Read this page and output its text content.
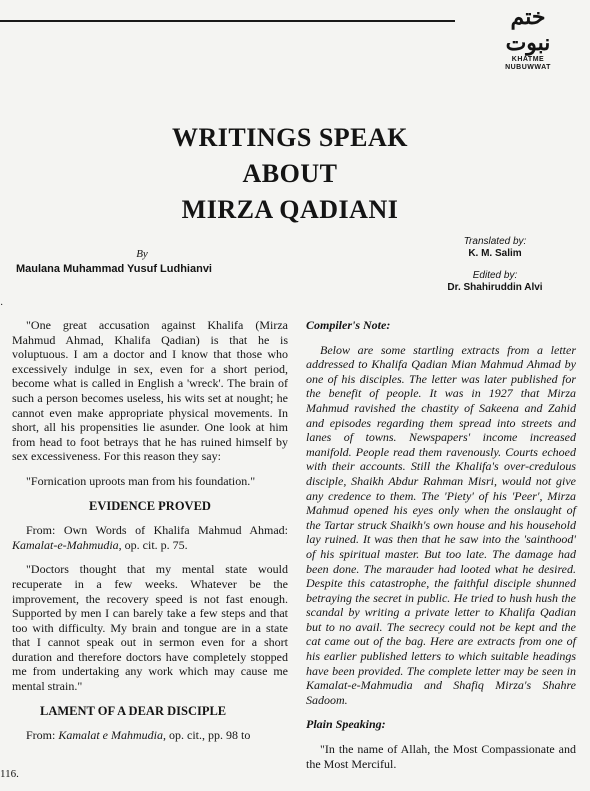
ختم نبوت
KHATME NUBUWWAT
WRITINGS SPEAK
ABOUT
MIRZA QADIANI
By
Maulana Muhammad Yusuf Ludhianvi
Translated by:
K. M. Salim
Edited by:
Dr. Shahiruddin Alvi
·

"One great accusation against Khalifa (Mirza Mahmud Ahmad, Khalifa Qadian) is that he is voluptuous. I am a doctor and I know that those who excessively indulge in sex, even for a short period, become what is called in English a 'wreck'. The brain of such a person becomes useless, his wits set at nought; he cannot even make appropriate physical movements. In short, all his propensities lie asunder. One look at him from head to foot betrays that he has ruined himself by sex excessiveness. For this reason they say:

"Fornication uproots man from his foundation."

EVIDENCE PROVED

From: Own Words of Khalifa Mahmud Ahmad: Kamalat-e-Mahmudia, op. cit. p. 75.

"Doctors thought that my mental state would recuperate in a few weeks. Whatever be the improvement, the recovery speed is not fast enough. Supported by men I can barely take a few steps and that too with difficulty. My brain and tongue are in a state that I cannot speak out in sermon even for a short duration and therefore doctors have completely stopped me from undertaking any work which may cause me mental strain."

LAMENT OF A DEAR DISCIPLE

From: Kamalat e Mahmudia, op. cit., pp. 98 to

116.
Compiler's Note:

Below are some startling extracts from a letter addressed to Khalifa Qadian Mian Mahmud Ahmad by one of his disciples. The letter was later published for the benefit of people. It was in 1927 that Mirza Mahmud ravished the chastity of Sakeena and Zahid and episodes regarding them spread into streets and lanes of towns. Newspapers' income increased manifold. People read them ravenously. Courts echoed with their accounts. Still the Khalifa's over-credulous disciple, Shaikh Abdur Rahman Misri, would not give any credence to them. The 'Piety' of his 'Peer', Mirza Mahmud opened his eyes only when the onslaught of the Tartar struck Shaikh's own house and his household lay ruined. It was then that he saw into the 'sainthood' of his spiritual master. But too late. The damage had been done. The marauder had looted what he desired. Despite this catastrophe, the faithful disciple shunned betraying the secret in public. He tried to hush hush the scandal by writing a private letter to Khalifa Qadian but to no avail. The secrecy could not be kept and the cat came out of the bag. Here are extracts from one of his earlier published letters to which suitable headings have been provided. The complete letter may be seen in Kamalat-e-Mahmudia and Shafiq Mirza's Shahre Sadoom.

Plain Speaking:

"In the name of Allah, the Most Compassionate and the Most Merciful.
